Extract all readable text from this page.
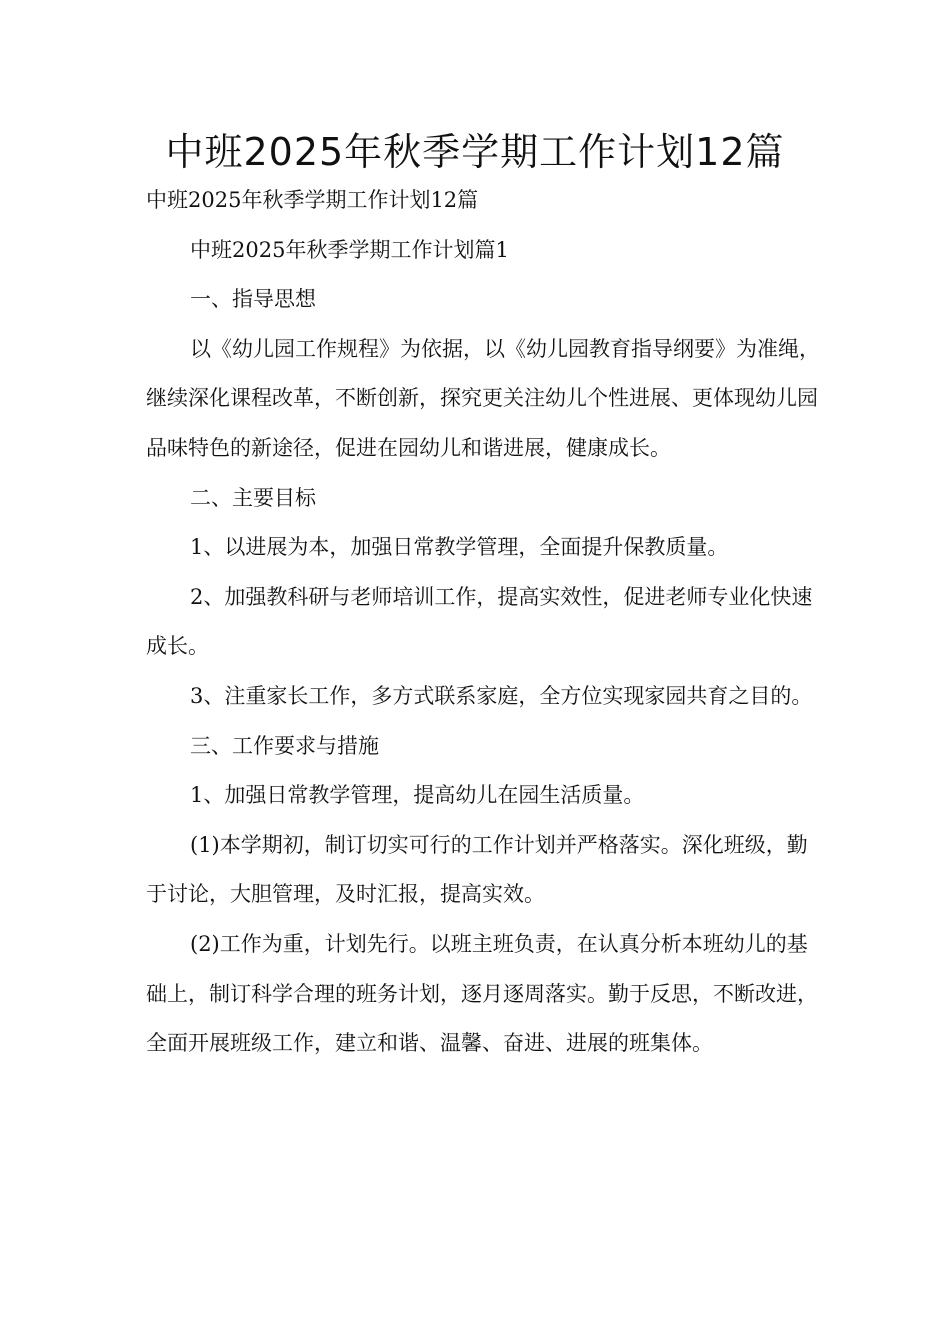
中班2025年秋季学期工作计划12篇

中班2025年秋季学期工作计划12篇

中班2025年秋季学期工作计划篇1

一、指导思想

以《幼儿园工作规程》为依据，以《幼儿园教育指导纲要》为准绳，继续深化课程改革，不断创新，探究更关注幼儿个性进展、更体现幼儿园品味特色的新途径，促进在园幼儿和谐进展，健康成长。

二、主要目标

1、以进展为本，加强日常教学管理，全面提升保教质量。

2、加强教科研与老师培训工作，提高实效性，促进老师专业化快速成长。

3、注重家长工作，多方式联系家庭，全方位实现家园共育之目的。

三、工作要求与措施

1、加强日常教学管理，提高幼儿在园生活质量。

(1)本学期初，制订切实可行的工作计划并严格落实。深化班级，勤于讨论，大胆管理，及时汇报，提高实效。

(2)工作为重，计划先行。以班主班负责，在认真分析本班幼儿的基础上，制订科学合理的班务计划，逐月逐周落实。勤于反思，不断改进，全面开展班级工作，建立和谐、温馨、奋进、进展的班集体。
